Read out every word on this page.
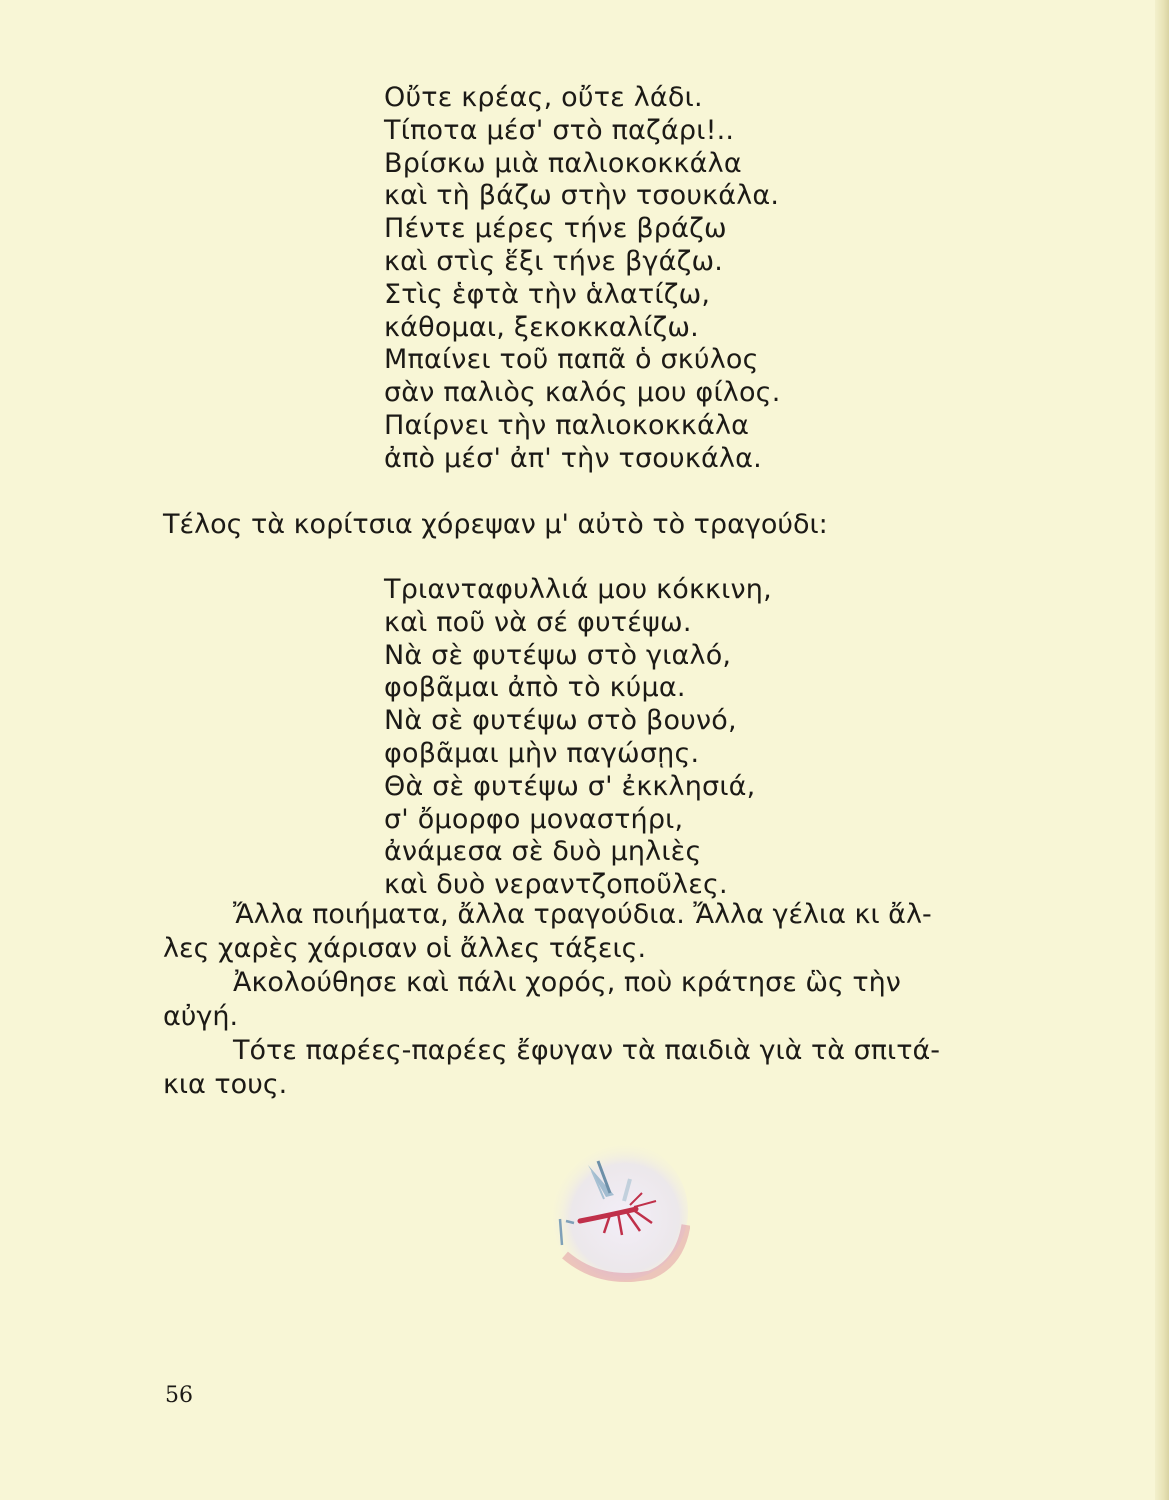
Οὔτε κρέας, οὔτε λάδι.
Τίποτα μέσ' στὸ παζάρι!..
Βρίσκω μιὰ παλιοκοκκάλα
καὶ τὴ βάζω στὴν τσουκάλα.
Πέντε μέρες τήνε βράζω
καὶ στὶς ἕξι τήνε βγάζω.
Στὶς ἑφτὰ τὴν ἁλατίζω,
κάθομαι, ξεκοκκαλίζω.
Μπαίνει τοῦ παπᾶ ὁ σκύλος
σὰν παλιὸς καλός μου φίλος.
Παίρνει τὴν παλιοκοκκάλα
ἀπὸ μέσ' ἀπ' τὴν τσουκάλα.
Τέλος τὰ κορίτσια χόρεψαν μ' αὐτὸ τὸ τραγούδι:
Τριανταφυλλιά μου κόκκινη,
καὶ ποῦ νὰ σέ φυτέψω.
Νὰ σὲ φυτέψω στὸ γιαλό,
φοβᾶμαι ἀπὸ τὸ κύμα.
Νὰ σὲ φυτέψω στὸ βουνό,
φοβᾶμαι μὴν παγώσῃς.
Θὰ σὲ φυτέψω σ' ἐκκλησιά,
σ' ὄμορφο μοναστήρι,
ἀνάμεσα σὲ δυὸ μηλιὲς
καὶ δυὸ νεραντζοποῦλες.
Ἄλλα ποιήματα, ἄλλα τραγούδια. Ἄλλα γέλια κι ἄλ-
λες χαρὲς χάρισαν οἱ ἄλλες τάξεις.
Ἀκολούθησε καὶ πάλι χορός, ποὺ κράτησε ὣς τὴν
αὐγή.
Τότε παρέες-παρέες ἔφυγαν τὰ παιδιὰ γιὰ τὰ σπιτά-
κια τους.
56
